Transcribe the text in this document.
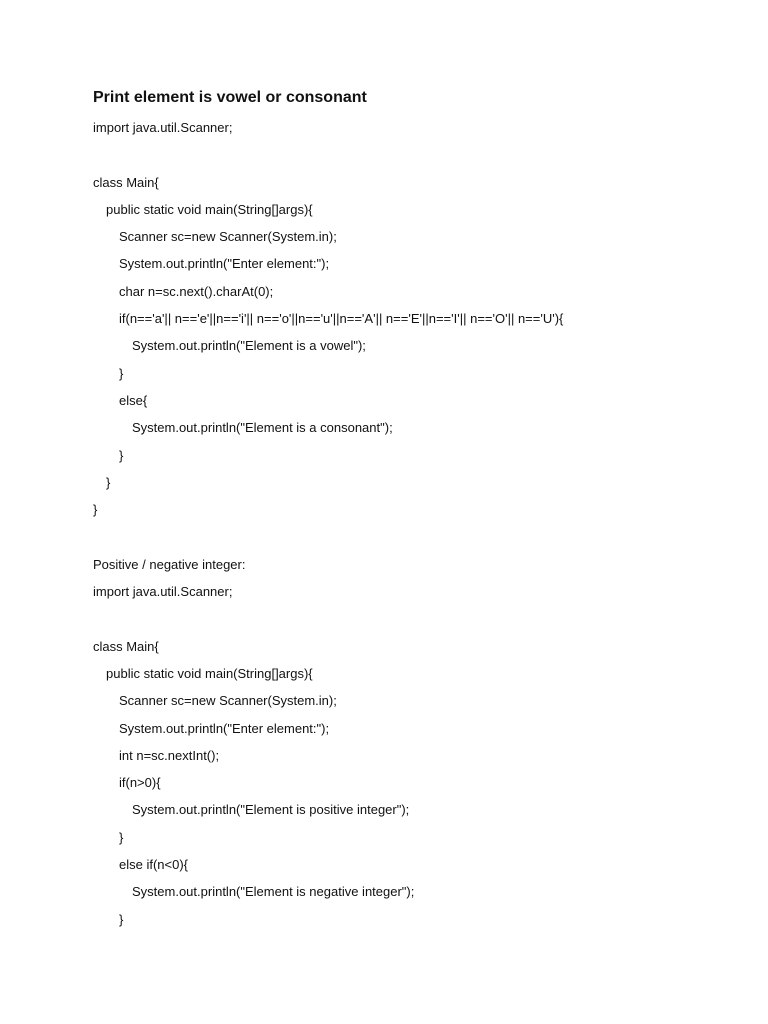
Print element is vowel or consonant
import java.util.Scanner;
class Main{
public static void main(String[]args){
Scanner sc=new Scanner(System.in);
System.out.println("Enter element:");
char n=sc.next().charAt(0);
if(n=='a'|| n=='e'||n=='i'|| n=='o'||n=='u'||n=='A'|| n=='E'||n=='I'|| n=='O'|| n=='U'){
System.out.println("Element is a vowel");
}
else{
System.out.println("Element is a consonant");
}
}
}
Positive / negative integer:
import java.util.Scanner;
class Main{
public static void main(String[]args){
Scanner sc=new Scanner(System.in);
System.out.println("Enter element:");
int n=sc.nextInt();
if(n>0){
System.out.println("Element is positive integer");
}
else if(n<0){
System.out.println("Element is negative integer");
}
